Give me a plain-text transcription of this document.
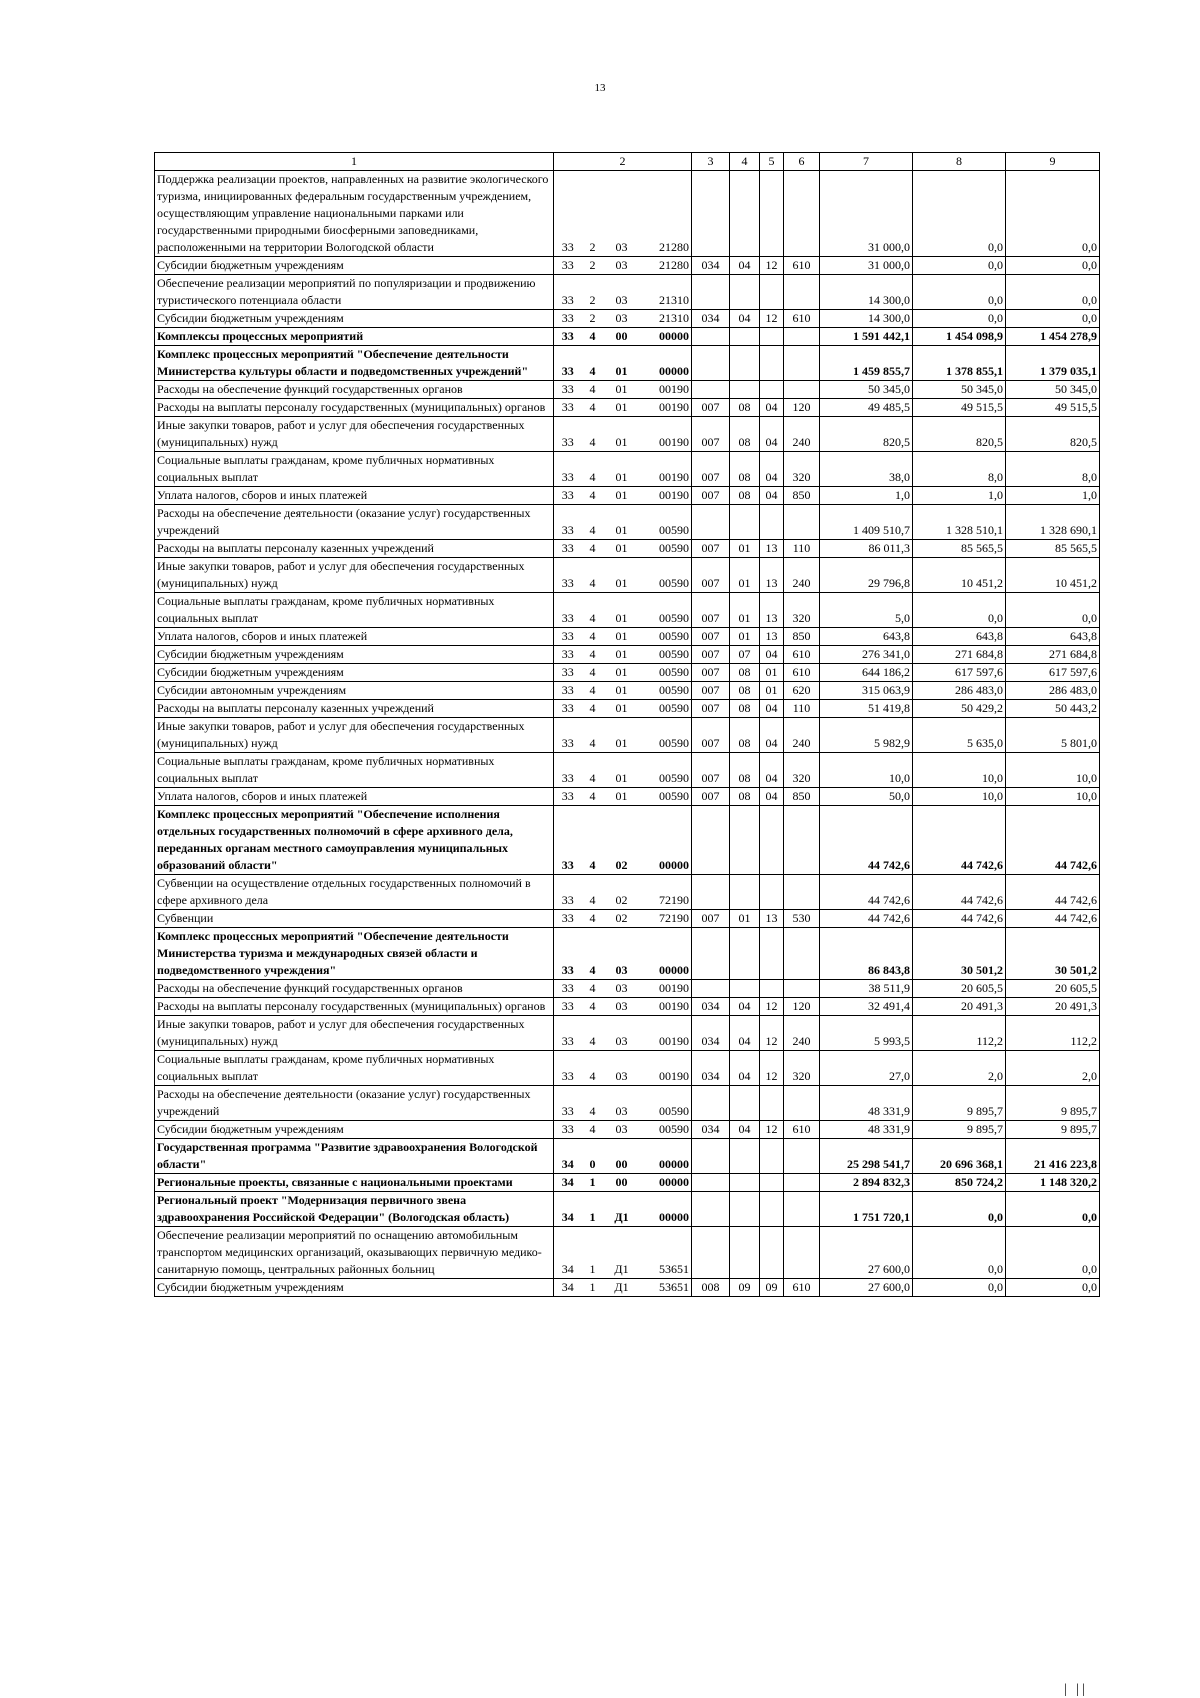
13
1	2				3	4	5	6	7	8	9
Поддержка реализации проектов, направленных на развитие экологического туризма, инициированных федеральным государственным учреждением, осуществляющим управление национальными парками или государственными природными биосферными заповедниками, расположенными на территории Вологодской области	33	2	03	21280					31 000,0	0,0	0,0
Субсидии бюджетным учреждениям	33	2	03	21280	034	04	12	610	31 000,0	0,0	0,0
Обеспечение реализации мероприятий по популяризации и продвижению туристического потенциала области	33	2	03	21310					14 300,0	0,0	0,0
Субсидии бюджетным учреждениям	33	2	03	21310	034	04	12	610	14 300,0	0,0	0,0
Комплексы процессных мероприятий	33	4	00	00000					1 591 442,1	1 454 098,9	1 454 278,9
Комплекс процессных мероприятий "Обеспечение деятельности Министерства культуры области и подведомственных учреждений"	33	4	01	00000					1 459 855,7	1 378 855,1	1 379 035,1
Расходы на обеспечение функций государственных органов	33	4	01	00190					50 345,0	50 345,0	50 345,0
Расходы на выплаты персоналу государственных (муниципальных) органов	33	4	01	00190	007	08	04	120	49 485,5	49 515,5	49 515,5
Иные закупки товаров, работ и услуг для обеспечения государственных (муниципальных) нужд	33	4	01	00190	007	08	04	240	820,5	820,5	820,5
Социальные выплаты гражданам, кроме публичных нормативных социальных выплат	33	4	01	00190	007	08	04	320	38,0	8,0	8,0
Уплата налогов, сборов и иных платежей	33	4	01	00190	007	08	04	850	1,0	1,0	1,0
Расходы на обеспечение деятельности (оказание услуг) государственных учреждений	33	4	01	00590					1 409 510,7	1 328 510,1	1 328 690,1
Расходы на выплаты персоналу казенных учреждений	33	4	01	00590	007	01	13	110	86 011,3	85 565,5	85 565,5
Иные закупки товаров, работ и услуг для обеспечения государственных (муниципальных) нужд	33	4	01	00590	007	01	13	240	29 796,8	10 451,2	10 451,2
Социальные выплаты гражданам, кроме публичных нормативных социальных выплат	33	4	01	00590	007	01	13	320	5,0	0,0	0,0
Уплата налогов, сборов и иных платежей	33	4	01	00590	007	01	13	850	643,8	643,8	643,8
Субсидии бюджетным учреждениям	33	4	01	00590	007	07	04	610	276 341,0	271 684,8	271 684,8
Субсидии бюджетным учреждениям	33	4	01	00590	007	08	01	610	644 186,2	617 597,6	617 597,6
Субсидии автономным учреждениям	33	4	01	00590	007	08	01	620	315 063,9	286 483,0	286 483,0
Расходы на выплаты персоналу казенных учреждений	33	4	01	00590	007	08	04	110	51 419,8	50 429,2	50 443,2
Иные закупки товаров, работ и услуг для обеспечения государственных (муниципальных) нужд	33	4	01	00590	007	08	04	240	5 982,9	5 635,0	5 801,0
Социальные выплаты гражданам, кроме публичных нормативных социальных выплат	33	4	01	00590	007	08	04	320	10,0	10,0	10,0
Уплата налогов, сборов и иных платежей	33	4	01	00590	007	08	04	850	50,0	10,0	10,0
Комплекс процессных мероприятий "Обеспечение исполнения отдельных государственных полномочий в сфере архивного дела, переданных органам местного самоуправления муниципальных образований области"	33	4	02	00000					44 742,6	44 742,6	44 742,6
Субвенции на осуществление отдельных государственных полномочий в сфере архивного дела	33	4	02	72190					44 742,6	44 742,6	44 742,6
Субвенции	33	4	02	72190	007	01	13	530	44 742,6	44 742,6	44 742,6
Комплекс процессных мероприятий "Обеспечение деятельности Министерства туризма и международных связей области и подведомственного учреждения"	33	4	03	00000					86 843,8	30 501,2	30 501,2
Расходы на обеспечение функций государственных органов	33	4	03	00190					38 511,9	20 605,5	20 605,5
Расходы на выплаты персоналу государственных (муниципальных) органов	33	4	03	00190	034	04	12	120	32 491,4	20 491,3	20 491,3
Иные закупки товаров, работ и услуг для обеспечения государственных (муниципальных) нужд	33	4	03	00190	034	04	12	240	5 993,5	112,2	112,2
Социальные выплаты гражданам, кроме публичных нормативных социальных выплат	33	4	03	00190	034	04	12	320	27,0	2,0	2,0
Расходы на обеспечение деятельности (оказание услуг) государственных учреждений	33	4	03	00590					48 331,9	9 895,7	9 895,7
Субсидии бюджетным учреждениям	33	4	03	00590	034	04	12	610	48 331,9	9 895,7	9 895,7
Государственная программа "Развитие здравоохранения Вологодской области"	34	0	00	00000					25 298 541,7	20 696 368,1	21 416 223,8
Региональные проекты, связанные с национальными проектами	34	1	00	00000					2 894 832,3	850 724,2	1 148 320,2
Региональный проект "Модернизация первичного звена здравоохранения Российской Федерации" (Вологодская область)	34	1	Д1	00000					1 751 720,1	0,0	0,0
Обеспечение реализации мероприятий по оснащению автомобильным транспортом медицинских организаций, оказывающих первичную медико-санитарную помощь, центральных районных больниц	34	1	Д1	53651					27 600,0	0,0	0,0
Субсидии бюджетным учреждениям	34	1	Д1	53651	008	09	09	610	27 600,0	0,0	0,0
| ||
